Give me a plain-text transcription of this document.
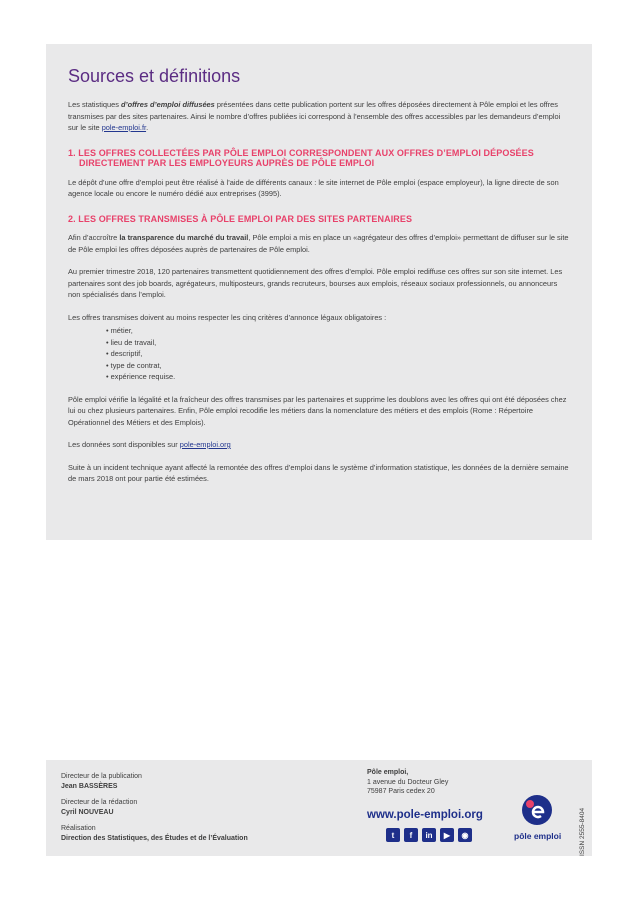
Sources et définitions

Les statistiques d’offres d’emploi diffusées présentées dans cette publication portent sur les offres déposées directement à Pôle emploi et les offres transmises par des sites partenaires. Ainsi le nombre d’offres publiées ici correspond à l’ensemble des offres accessibles par les demandeurs d’emploi sur le site pole-emploi.fr.

1. LES OFFRES COLLECTÉES PAR PÔLE EMPLOI CORRESPONDENT AUX OFFRES D’EMPLOI DÉPOSÉES
DIRECTEMENT PAR LES EMPLOYEURS AUPRÈS DE PÔLE EMPLOI

Le dépôt d’une offre d’emploi peut être réalisé à l’aide de différents canaux : le site internet de Pôle emploi (espace employeur), la ligne directe de son agence locale ou encore le numéro dédié aux entreprises (3995).

2. LES OFFRES TRANSMISES À PÔLE EMPLOI PAR DES SITES PARTENAIRES

Afin d’accroître la transparence du marché du travail, Pôle emploi a mis en place un «agrégateur des offres d’emploi» permettant de diffuser sur le site de Pôle emploi les offres déposées auprès de partenaires de Pôle emploi.

Au premier trimestre 2018, 120 partenaires transmettent quotidiennement des offres d’emploi. Pôle emploi rediffuse ces offres sur son site internet. Les partenaires sont des job boards, agrégateurs, multiposteurs, grands recruteurs, bourses aux emplois, réseaux sociaux professionnels, ou annonceurs non spécialisés dans l’emploi.

Les offres transmises doivent au moins respecter les cinq critères d’annonce légaux obligatoires :

• métier,
• lieu de travail,
• descriptif,
• type de contrat,
• expérience requise.

Pôle emploi vérifie la légalité et la fraîcheur des offres transmises par les partenaires et supprime les doublons avec les offres qui ont été déposées chez lui ou chez plusieurs partenaires. Enfin, Pôle emploi recodifie les métiers dans la nomenclature des métiers et des emplois (Rome : Répertoire Opérationnel des Métiers et des Emplois).

Les données sont disponibles sur pole-emploi.org

Suite à un incident technique ayant affecté la remontée des offres d’emploi dans le système d’information statistique, les données de la dernière semaine de mars 2018 ont pour partie été estimées.

Directeur de la publication
Jean BASSÈRES
Directeur de la rédaction
Cyril NOUVEAU
Réalisation
Direction des Statistiques, des Études et de l’Évaluation
Pôle emploi,
1 avenue du Docteur Gley
75987 Paris cedex 20
www.pole-emploi.org
t	f	in	▶	◉	pôle emploi	ISSN 2555-8404
